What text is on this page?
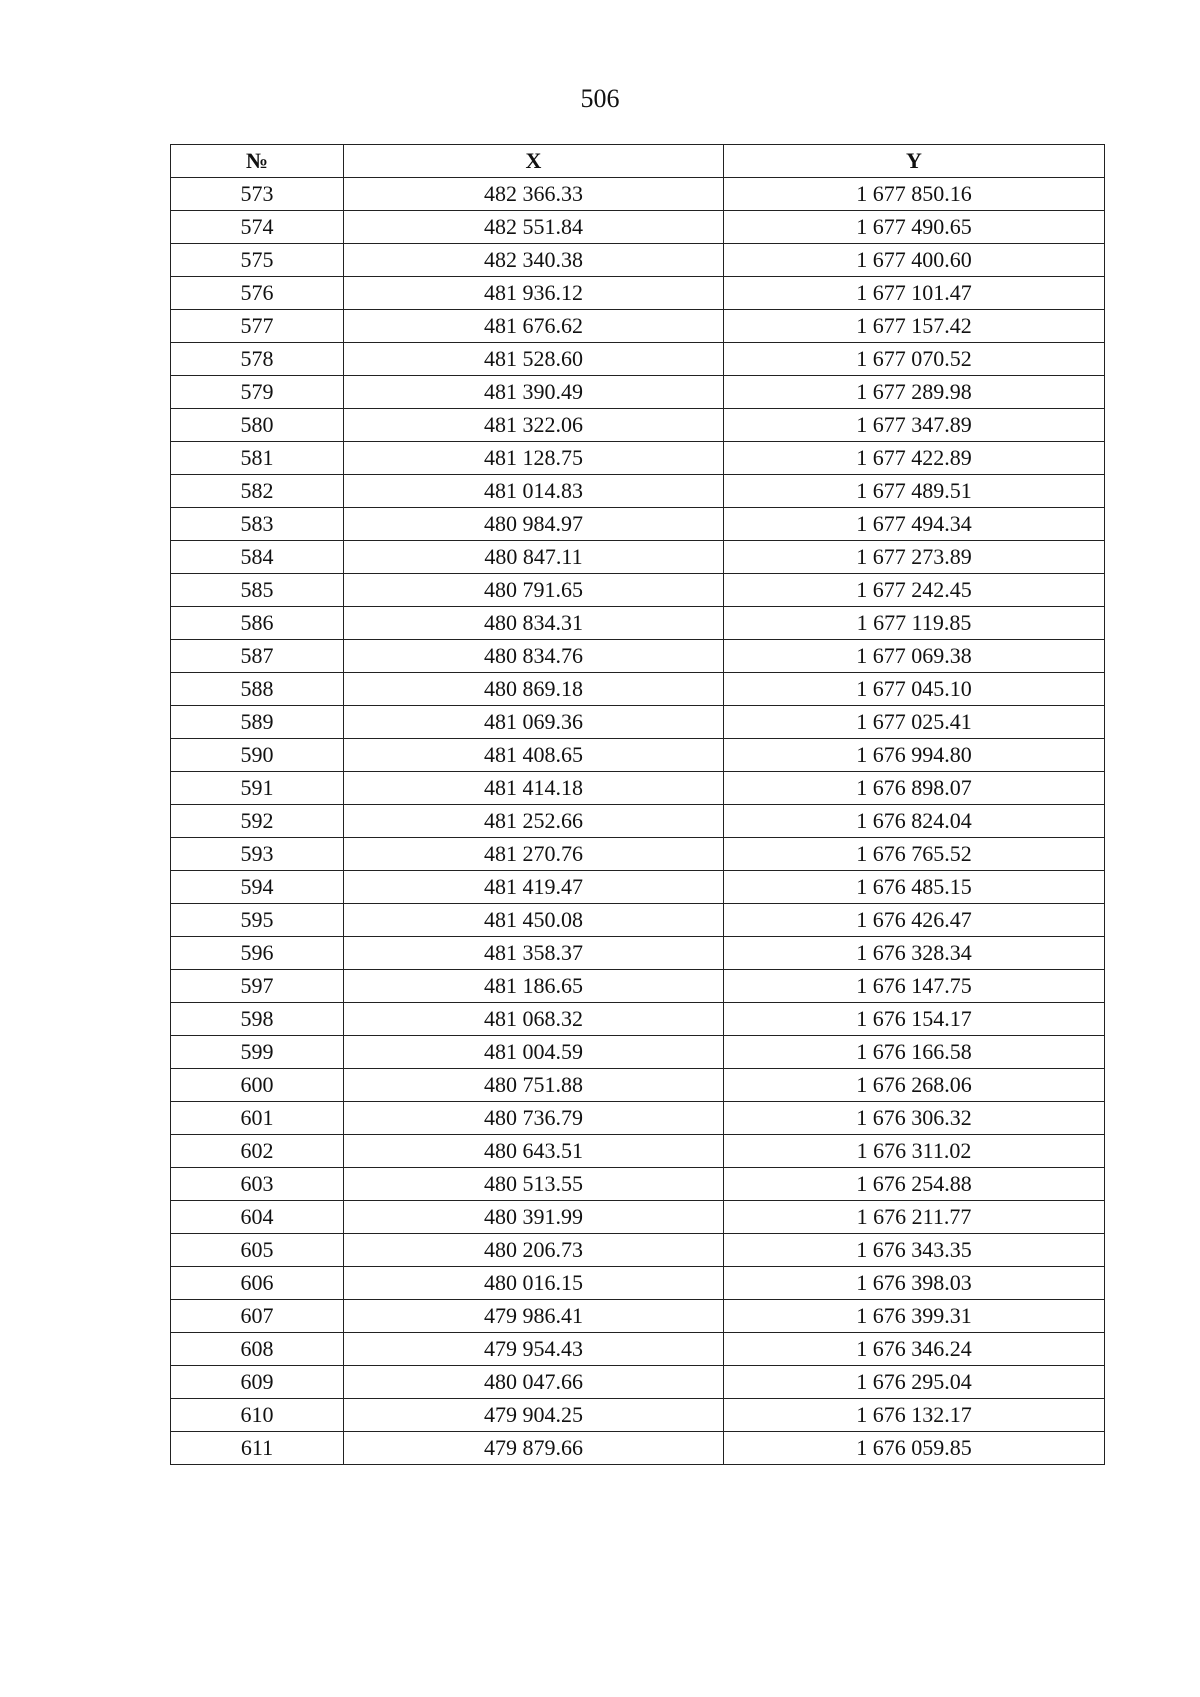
506
№	X	Y
573	482 366.33	1 677 850.16
574	482 551.84	1 677 490.65
575	482 340.38	1 677 400.60
576	481 936.12	1 677 101.47
577	481 676.62	1 677 157.42
578	481 528.60	1 677 070.52
579	481 390.49	1 677 289.98
580	481 322.06	1 677 347.89
581	481 128.75	1 677 422.89
582	481 014.83	1 677 489.51
583	480 984.97	1 677 494.34
584	480 847.11	1 677 273.89
585	480 791.65	1 677 242.45
586	480 834.31	1 677 119.85
587	480 834.76	1 677 069.38
588	480 869.18	1 677 045.10
589	481 069.36	1 677 025.41
590	481 408.65	1 676 994.80
591	481 414.18	1 676 898.07
592	481 252.66	1 676 824.04
593	481 270.76	1 676 765.52
594	481 419.47	1 676 485.15
595	481 450.08	1 676 426.47
596	481 358.37	1 676 328.34
597	481 186.65	1 676 147.75
598	481 068.32	1 676 154.17
599	481 004.59	1 676 166.58
600	480 751.88	1 676 268.06
601	480 736.79	1 676 306.32
602	480 643.51	1 676 311.02
603	480 513.55	1 676 254.88
604	480 391.99	1 676 211.77
605	480 206.73	1 676 343.35
606	480 016.15	1 676 398.03
607	479 986.41	1 676 399.31
608	479 954.43	1 676 346.24
609	480 047.66	1 676 295.04
610	479 904.25	1 676 132.17
611	479 879.66	1 676 059.85
